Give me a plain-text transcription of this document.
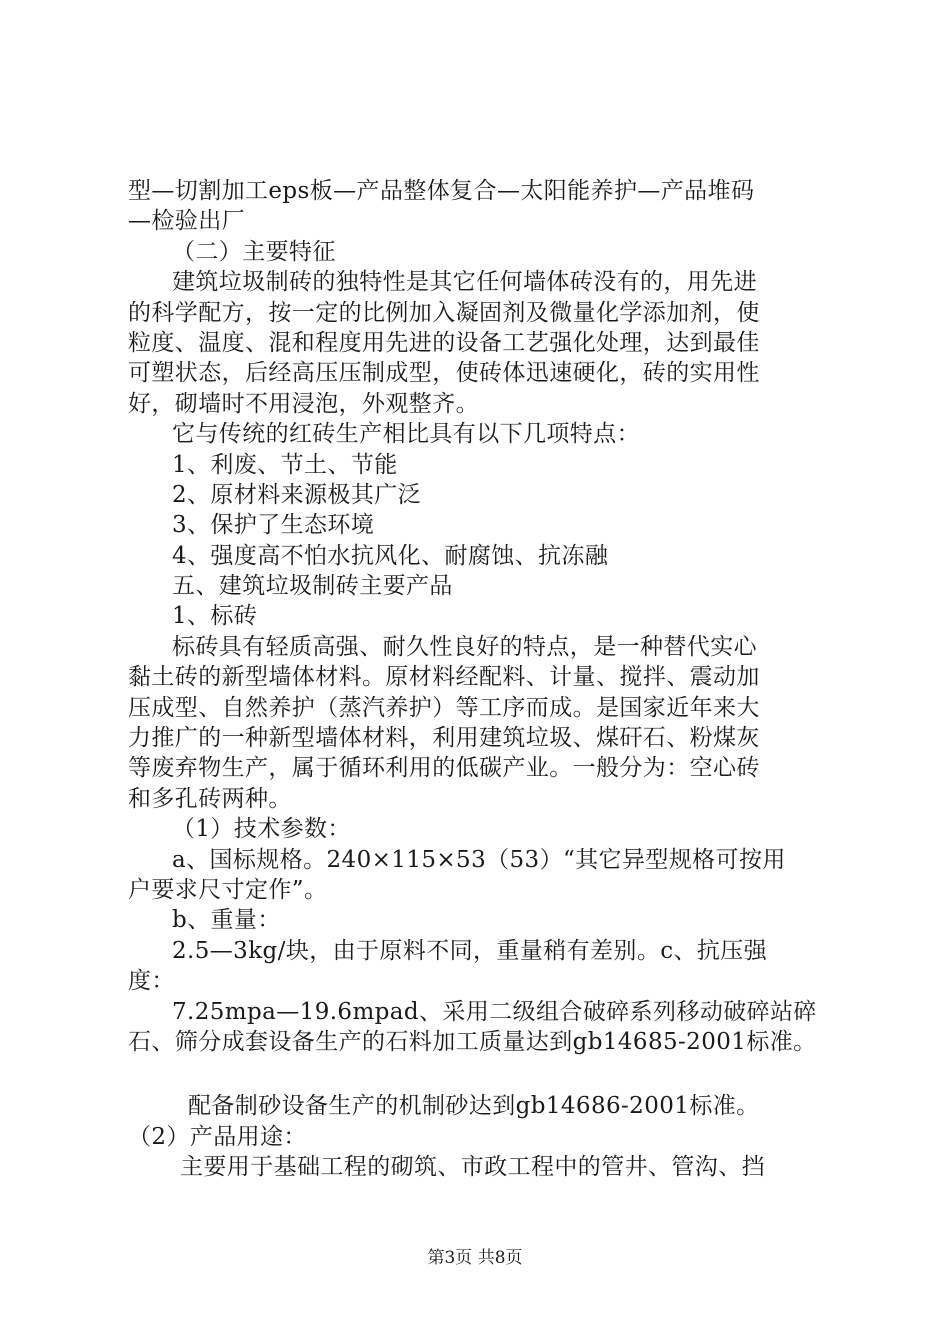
型—切割加工eps板—产品整体复合—太阳能养护—产品堆码
—检验出厂
（二）主要特征
建筑垃圾制砖的独特性是其它任何墙体砖没有的，用先进
的科学配方，按一定的比例加入凝固剂及微量化学添加剂，使
粒度、温度、混和程度用先进的设备工艺强化处理，达到最佳
可塑状态，后经高压压制成型，使砖体迅速硬化，砖的实用性
好，砌墙时不用浸泡，外观整齐。
它与传统的红砖生产相比具有以下几项特点：
1、利废、节土、节能
2、原材料来源极其广泛
3、保护了生态环境
4、强度高不怕水抗风化、耐腐蚀、抗冻融
五、建筑垃圾制砖主要产品
1、标砖
标砖具有轻质高强、耐久性良好的特点，是一种替代实心
黏土砖的新型墙体材料。原材料经配料、计量、搅拌、震动加
压成型、自然养护（蒸汽养护）等工序而成。是国家近年来大
力推广的一种新型墙体材料，利用建筑垃圾、煤矸石、粉煤灰
等废弃物生产，属于循环利用的低碳产业。一般分为：空心砖
和多孔砖两种。
（1）技术参数：
a、国标规格。240×115×53（53）“其它异型规格可按用
户要求尺寸定作”。
b、重量：
2.5—3kg/块，由于原料不同，重量稍有差别。c、抗压强
度：
7.25mpa—19.6mpad、采用二级组合破碎系列移动破碎站碎
石、筛分成套设备生产的石料加工质量达到gb14685-2001标准。
配备制砂设备生产的机制砂达到gb14686-2001标准。
（2）产品用途：
主要用于基础工程的砌筑、市政工程中的管井、管沟、挡
第3页 共8页
